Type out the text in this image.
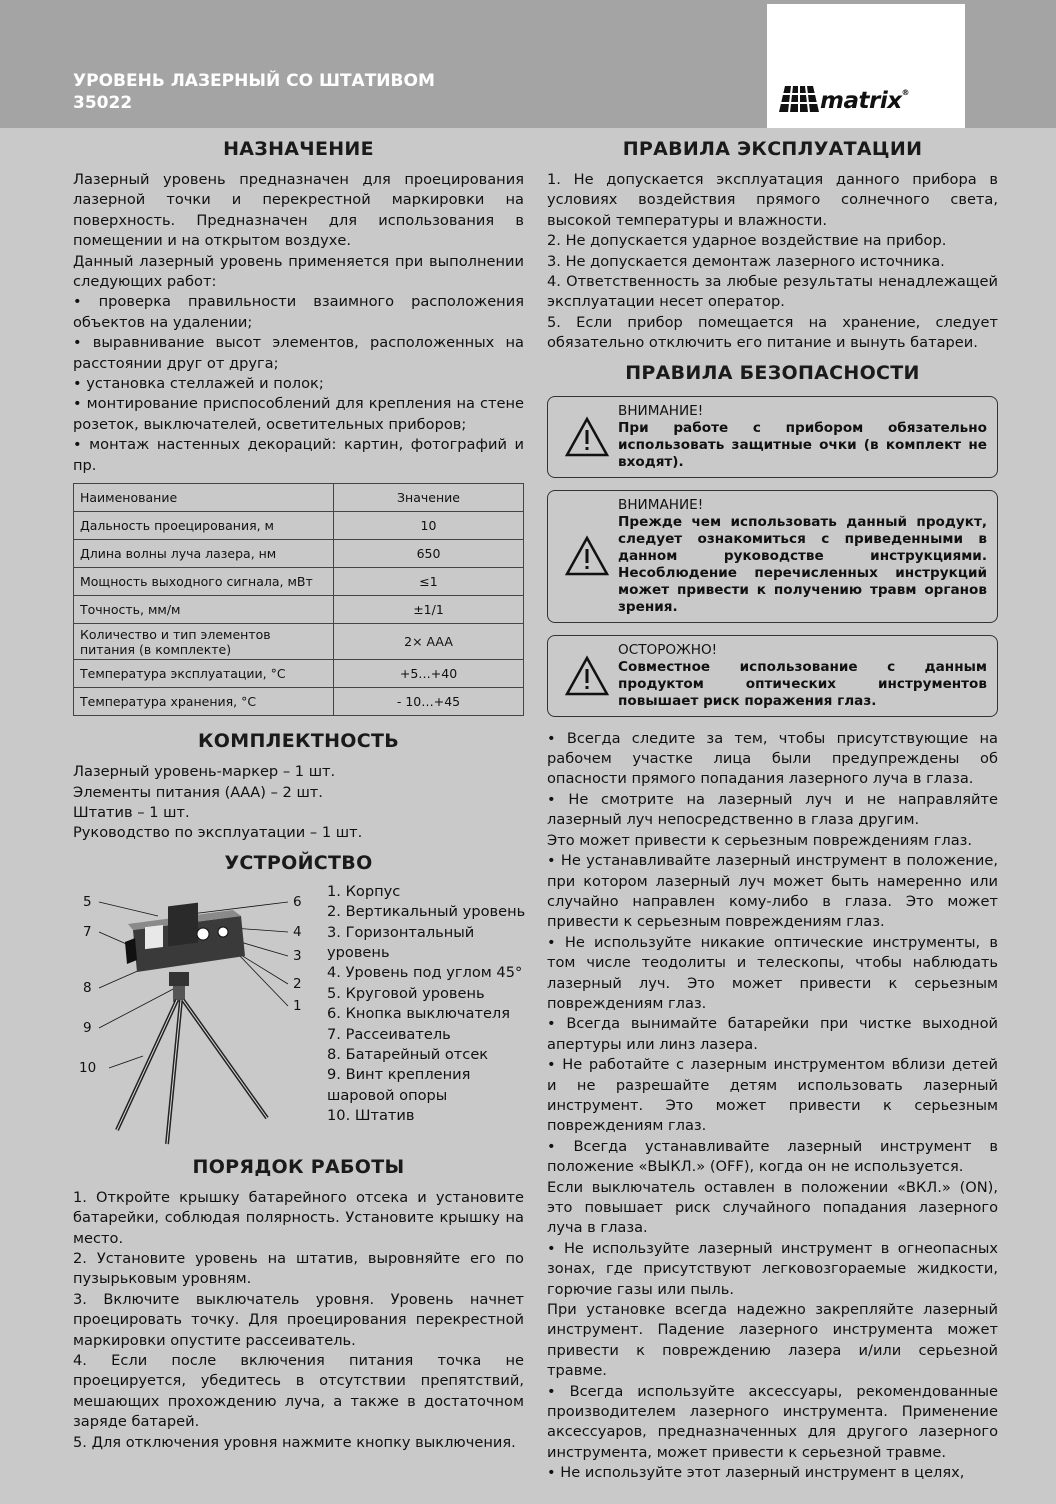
УРОВЕНЬ ЛАЗЕРНЫЙ СО ШТАТИВОМ
35022	matrix®
НАЗНАЧЕНИЕ

Лазерный уровень предназначен для проецирования лазерной точки и перекрестной маркировки на поверхность. Предназначен для использования в помещении и на открытом воздухе.

Данный лазерный уровень применяется при выполнении следующих работ:

• проверка правильности взаимного расположения объектов на удалении;

• выравнивание высот элементов, расположенных на расстоянии друг от друга;

• установка стеллажей и полок;

• монтирование приспособлений для крепления на стене розеток, выключателей, осветительных приборов;

• монтаж настенных декораций: картин, фотографий и пр.

Наименование	Значение
Дальность проецирования, м	10
Длина волны луча лазера, нм	650
Мощность выходного сигнала, мВт	≤1
Точность, мм/м	±1/1
Количество и тип элементов питания (в комплекте)	2× AAA
Температура эксплуатации, °С	+5…+40
Температура хранения, °С	- 10…+45
КОМПЛЕКТНОСТЬ

Лазерный уровень-маркер – 1 шт.

Элементы питания (ААА) – 2 шт.

Штатив – 1 шт.

Руководство по эксплуатации – 1 шт.

УСТРОЙСТВО
5	6
7	4
3
8	2
1
9
10

1. Корпус

2. Вертикальный уровень

3. Горизонтальный уровень

4. Уровень под углом 45°

5. Круговой уровень

6. Кнопка выключателя

7. Рассеиватель

8. Батарейный отсек

9. Винт крепления шаровой опоры

10. Штатив

ПОРЯДОК РАБОТЫ

1. Откройте крышку батарейного отсека и установите батарейки, соблюдая полярность. Установите крышку на место.

2. Установите уровень на штатив, выровняйте его по пузырьковым уровням.

3. Включите выключатель уровня. Уровень начнет проецировать точку. Для проецирования перекрестной маркировки опустите рассеиватель.

4. Если после включения питания точка не проецируется, убедитесь в отсутствии препятствий, мешающих прохождению луча, а также в достаточном заряде батарей.

5. Для отключения уровня нажмите кнопку выключения.

ПРАВИЛА ЭКСПЛУАТАЦИИ

1. Не допускается эксплуатация данного прибора в условиях воздействия прямого солнечного света, высокой температуры и влажности.

2. Не допускается ударное воздействие на прибор.

3. Не допускается демонтаж лазерного источника.

4. Ответственность за любые результаты ненадлежащей эксплуатации несет оператор.

5. Если прибор помещается на хранение, следует обязательно отключить его питание и вынуть батареи.

ПРАВИЛА БЕЗОПАСНОСТИ
ВНИМАНИЕ!
При работе с прибором обязательно использовать защитные очки (в комплект не входят).
ВНИМАНИЕ!
Прежде чем использовать данный продукт, следует ознакомиться с приведенными в данном руководстве инструкциями. Несоблюдение перечисленных инструкций может привести к получению травм органов зрения.
ОСТОРОЖНО!
Совместное использование с данным продуктом оптических инструментов повышает риск поражения глаз.

• Всегда следите за тем, чтобы присутствующие на рабочем участке лица были предупреждены об опасности прямого попадания лазерного луча в глаза.

• Не смотрите на лазерный луч и не направляйте лазерный луч непосредственно в глаза другим.

Это может привести к серьезным повреждениям глаз.

• Не устанавливайте лазерный инструмент в положение, при котором лазерный луч может быть намеренно или случайно направлен кому-либо в глаза. Это может привести к серьезным повреждениям глаз.

• Не используйте никакие оптические инструменты, в том числе теодолиты и телескопы, чтобы наблюдать лазерный луч. Это может привести к серьезным повреждениям глаз.

• Всегда вынимайте батарейки при чистке выходной апертуры или линз лазера.

• Не работайте с лазерным инструментом вблизи детей и не разрешайте детям использовать лазерный инструмент. Это может привести к серьезным повреждениям глаз.

• Всегда устанавливайте лазерный инструмент в положение «ВЫКЛ.» (OFF), когда он не используется.

Если выключатель оставлен в положении «ВКЛ.» (ON), это повышает риск случайного попадания лазерного луча в глаза.

• Не используйте лазерный инструмент в огнеопасных зонах, где присутствуют легковозгораемые жидкости, горючие газы или пыль.

При установке всегда надежно закрепляйте лазерный инструмент. Падение лазерного инструмента может привести к повреждению лазера и/или серьезной травме.

• Всегда используйте аксессуары, рекомендованные производителем лазерного инструмента. Применение аксессуаров, предназначенных для другого лазерного инструмента, может привести к серьезной травме.

• Не используйте этот лазерный инструмент в целях,
